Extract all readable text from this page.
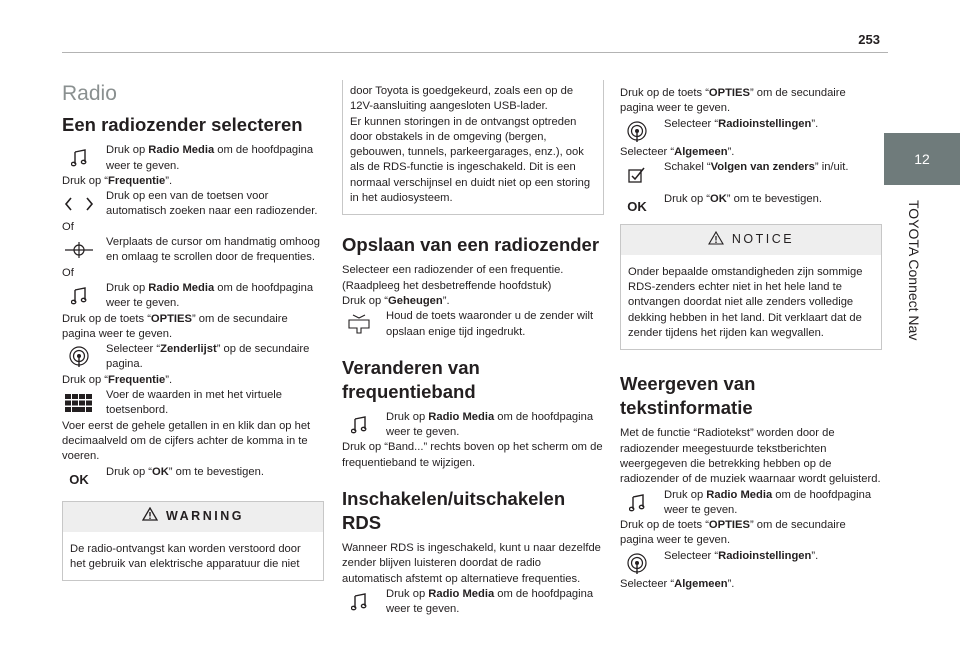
253
12
TOYOTA Connect Nav
Radio
Een radiozender selecteren
Druk op Radio Media om de hoofdpagina weer te geven.

Druk op “Frequentie”.

Druk op een van de toetsen voor automatisch zoeken naar een radiozender.

Of

Verplaats de cursor om handmatig omhoog en omlaag te scrollen door de frequenties.

Of

Druk op Radio Media om de hoofdpagina weer te geven.

Druk op de toets “OPTIES” om de secundaire pagina weer te geven.

Selecteer “Zenderlijst” op de secundaire pagina.

Druk op “Frequentie”.

Voer de waarden in met het virtuele toetsenbord.

Voer eerst de gehele getallen in en klik dan op het decimaalveld om de cijfers achter de komma in te voeren.

OK
Druk op “OK” om te bevestigen.
WARNING
De radio-ontvangst kan worden verstoord door het gebruik van elektrische apparatuur die niet
door Toyota is goedgekeurd, zoals een op de 12V-aansluiting aangesloten USB-lader.
Er kunnen storingen in de ontvangst optreden door obstakels in de omgeving (bergen, gebouwen, tunnels, parkeergarages, enz.), ook als de RDS-functie is ingeschakeld. Dit is een normaal verschijnsel en duidt niet op een storing in het audiosysteem.
Opslaan van een radiozender

Selecteer een radiozender of een frequentie.

(Raadpleeg het desbetreffende hoofdstuk)

Druk op “Geheugen”.

Houd de toets waaronder u de zender wilt opslaan enige tijd ingedrukt.
Veranderen van
frequentieband
Druk op Radio Media om de hoofdpagina weer te geven.

Druk op “Band...” rechts boven op het scherm om de frequentieband te wijzigen.

Inschakelen/uitschakelen
RDS

Wanneer RDS is ingeschakeld, kunt u naar dezelfde zender blijven luisteren doordat de radio automatisch afstemt op alternatieve frequenties.

Druk op Radio Media om de hoofdpagina weer te geven.

Druk op de toets “OPTIES” om de secundaire pagina weer te geven.

Selecteer “Radioinstellingen”.

Selecteer “Algemeen”.

Schakel “Volgen van zenders” in/uit.
OK
Druk op “OK” om te bevestigen.
NOTICE
Onder bepaalde omstandigheden zijn sommige RDS-zenders echter niet in het hele land te ontvangen doordat niet alle zenders volledige dekking hebben in het land. Dit verklaart dat de zender tijdens het rijden kan wegvallen.
Weergeven van
tekstinformatie

Met de functie “Radiotekst” worden door de radiozender meegestuurde tekstberichten weergegeven die betrekking hebben op de radiozender of de muziek waarnaar wordt geluisterd.

Druk op Radio Media om de hoofdpagina weer te geven.

Druk op de toets “OPTIES” om de secundaire pagina weer te geven.

Selecteer “Radioinstellingen”.

Selecteer “Algemeen”.
